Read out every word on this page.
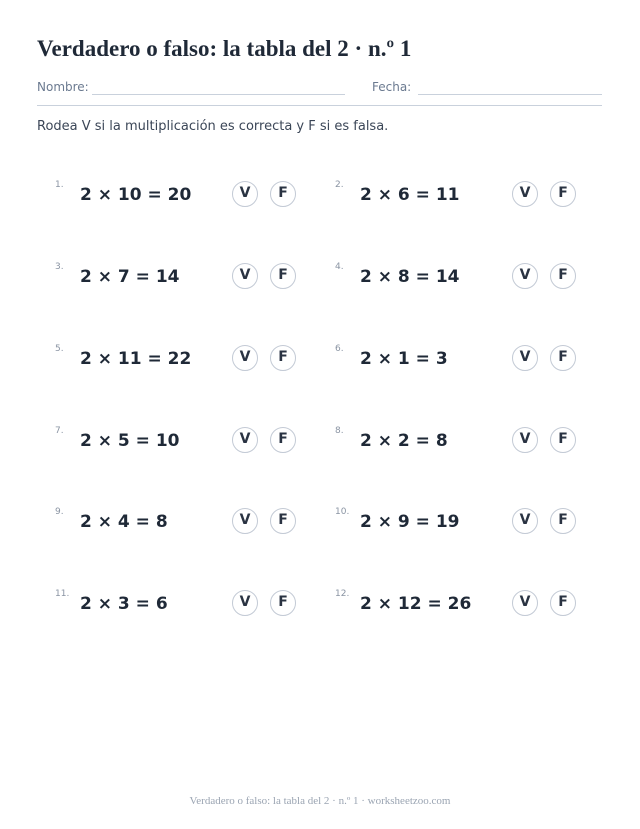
Verdadero o falso: la tabla del 2 · n.º 1
Nombre:	Fecha:
Rodea V si la multiplicación es correcta y F si es falsa.
1. 2 × 10 = 20	V	F	2. 2 × 6 = 11	V	F
3. 2 × 7 = 14	V	F	4. 2 × 8 = 14	V	F
5. 2 × 11 = 22	V	F	6. 2 × 1 = 3	V	F
7. 2 × 5 = 10	V	F	8. 2 × 2 = 8	V	F
9. 2 × 4 = 8	V	F	10. 2 × 9 = 19	V	F
11. 2 × 3 = 6	V	F	12. 2 × 12 = 26	V	F
Verdadero o falso: la tabla del 2 · n.º 1 · worksheetzoo.com
